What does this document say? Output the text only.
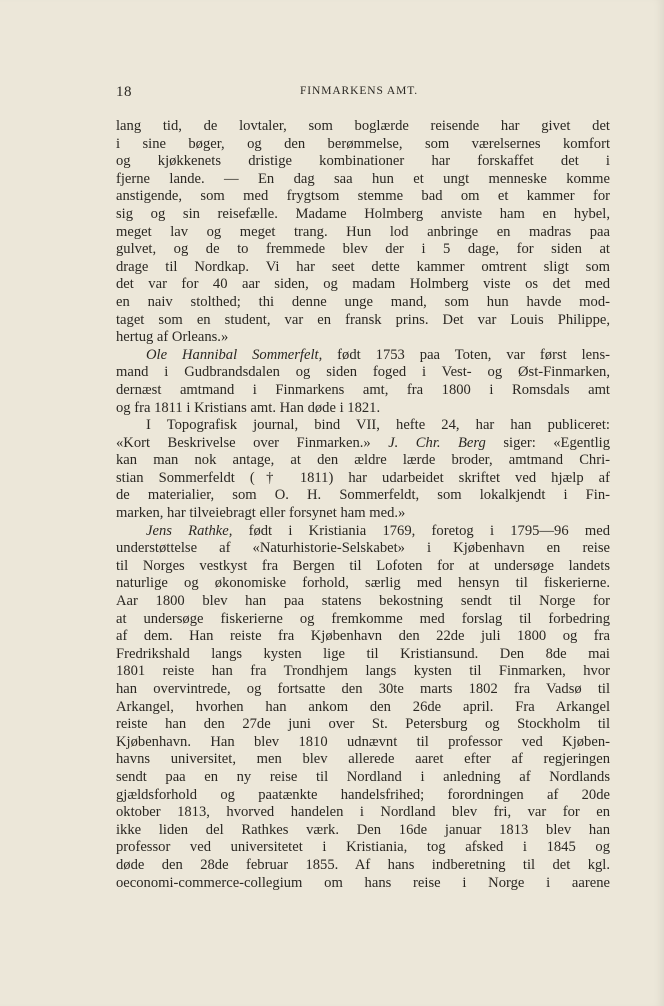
18	FINMARKENS AMT.
lang tid, de lovtaler, som boglærde reisende har givet det
i sine bøger, og den berømmelse, som værelsernes komfort
og kjøkkenets dristige kombinationer har forskaffet det i
fjerne lande. — En dag saa hun et ungt menneske komme
anstigende, som med frygtsom stemme bad om et kammer for
sig og sin reisefælle. Madame Holmberg anviste ham en hybel,
meget lav og meget trang. Hun lod anbringe en madras paa
gulvet, og de to fremmede blev der i 5 dage, for siden at
drage til Nordkap. Vi har seet dette kammer omtrent sligt som
det var for 40 aar siden, og madam Holmberg viste os det med
en naiv stolthed; thi denne unge mand, som hun havde mod-
taget som en student, var en fransk prins. Det var Louis Philippe,
hertug af Orleans.»
Ole Hannibal Sommerfelt, født 1753 paa Toten, var først lens-
mand i Gudbrandsdalen og siden foged i Vest- og Øst-Finmarken,
dernæst amtmand i Finmarkens amt, fra 1800 i Romsdals amt
og fra 1811 i Kristians amt. Han døde i 1821.
I Topografisk journal, bind VII, hefte 24, har han publiceret:
«Kort Beskrivelse over Finmarken.» J. Chr. Berg siger: «Egentlig
kan man nok antage, at den ældre lærde broder, amtmand Chri-
stian Sommerfeldt († 1811) har udarbeidet skriftet ved hjælp af
de materialier, som O. H. Sommerfeldt, som lokalkjendt i Fin-
marken, har tilveiebragt eller forsynet ham med.»
Jens Rathke, født i Kristiania 1769, foretog i 1795—96 med
understøttelse af «Naturhistorie-Selskabet» i Kjøbenhavn en reise
til Norges vestkyst fra Bergen til Lofoten for at undersøge landets
naturlige og økonomiske forhold, særlig med hensyn til fiskerierne.
Aar 1800 blev han paa statens bekostning sendt til Norge for
at undersøge fiskerierne og fremkomme med forslag til forbedring
af dem. Han reiste fra Kjøbenhavn den 22de juli 1800 og fra
Fredrikshald langs kysten lige til Kristiansund. Den 8de mai
1801 reiste han fra Trondhjem langs kysten til Finmarken, hvor
han overvintrede, og fortsatte den 30te marts 1802 fra Vadsø til
Arkangel, hvorhen han ankom den 26de april. Fra Arkangel
reiste han den 27de juni over St. Petersburg og Stockholm til
Kjøbenhavn. Han blev 1810 udnævnt til professor ved Kjøben-
havns universitet, men blev allerede aaret efter af regjeringen
sendt paa en ny reise til Nordland i anledning af Nordlands
gjældsforhold og paatænkte handelsfrihed; forordningen af 20de
oktober 1813, hvorved handelen i Nordland blev fri, var for en
ikke liden del Rathkes værk. Den 16de januar 1813 blev han
professor ved universitetet i Kristiania, tog afsked i 1845 og
døde den 28de februar 1855. Af hans indberetning til det kgl.
oeconomi-commerce-collegium om hans reise i Norge i aarene
